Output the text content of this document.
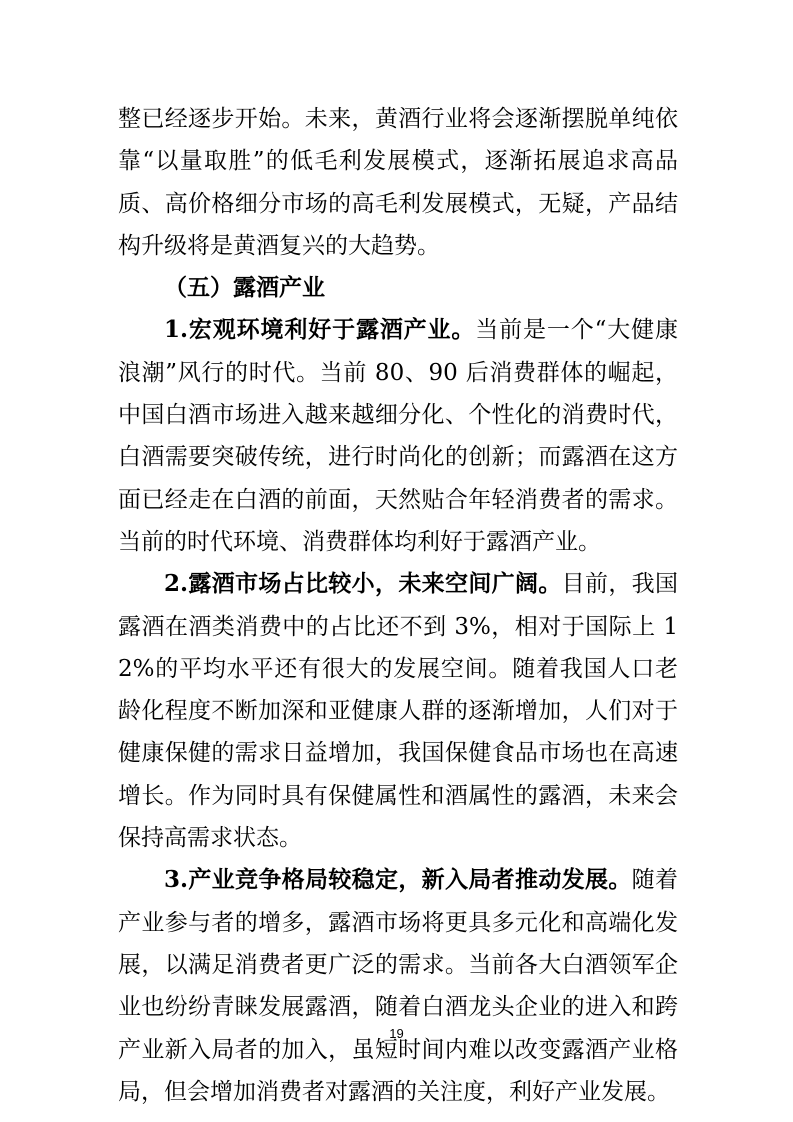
整已经逐步开始。未来，黄酒行业将会逐渐摆脱单纯依靠“以量取胜”的低毛利发展模式，逐渐拓展追求高品质、高价格细分市场的高毛利发展模式，无疑，产品结构升级将是黄酒复兴的大趋势。

（五）露酒产业

1.宏观环境利好于露酒产业。当前是一个“大健康浪潮”风行的时代。当前 80、90 后消费群体的崛起，中国白酒市场进入越来越细分化、个性化的消费时代，白酒需要突破传统，进行时尚化的创新；而露酒在这方面已经走在白酒的前面，天然贴合年轻消费者的需求。当前的时代环境、消费群体均利好于露酒产业。

2.露酒市场占比较小，未来空间广阔。目前，我国露酒在酒类消费中的占比还不到 3%，相对于国际上 12%的平均水平还有很大的发展空间。随着我国人口老龄化程度不断加深和亚健康人群的逐渐增加，人们对于健康保健的需求日益增加，我国保健食品市场也在高速增长。作为同时具有保健属性和酒属性的露酒，未来会保持高需求状态。

3.产业竞争格局较稳定，新入局者推动发展。随着产业参与者的增多，露酒市场将更具多元化和高端化发展，以满足消费者更广泛的需求。当前各大白酒领军企业也纷纷青睐发展露酒，随着白酒龙头企业的进入和跨产业新入局者的加入，虽短时间内难以改变露酒产业格局，但会增加消费者对露酒的关注度，利好产业发展。

19
